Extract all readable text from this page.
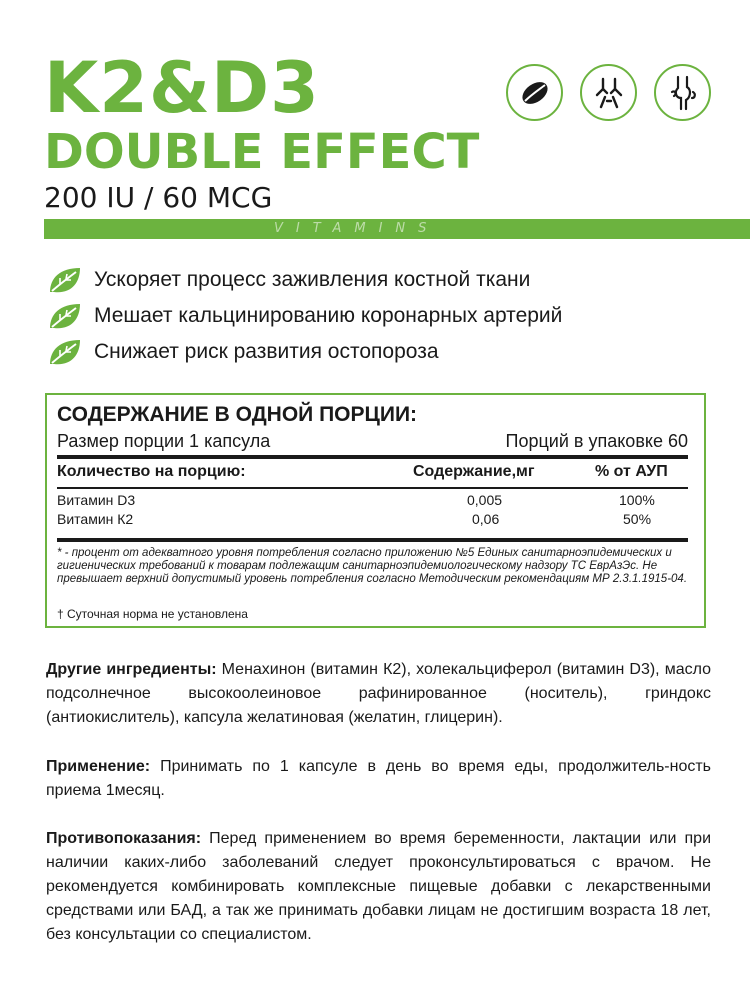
K2&D3
DOUBLE EFFECT
200 IU / 60 MCG
VITAMINS
Ускоряет процесс заживления костной ткани
Мешает кальцинированию коронарных артерий
Снижает риск развития остопороза
СОДЕРЖАНИЕ В ОДНОЙ ПОРЦИИ:
Размер порции 1 капсула	Порций в упаковке 60
Количество на порцию:	Содержание,мг	% от АУП
Витамин D3	0,005	100%
Витамин К2	0,06	50%
* - процент от адекватного уровня потребления согласно приложению №5 Единых санитарноэпидемических и гигиенических требований к товарам подлежащим санитарноэпидемиологическому надзору ТС ЕврАзЭс. Не превышает верхний допустимый уровень потребления согласно Методическим рекомендациям МР 2.3.1.1915-04.
† Суточная норма не установлена
Другие ингредиенты: Менахинон (витамин К2), холекальциферол (витамин D3), масло подсолнечное высокоолеиновое рафинированное (носитель), гриндокс (антиокислитель), капсула желатиновая (желатин, глицерин).
Применение: Принимать по 1 капсуле в день во время еды, продолжитель-ность приема 1месяц.
Противопоказания: Перед применением во время беременности, лактации или при наличии каких-либо заболеваний следует проконсультироваться с врачом. Не рекомендуется комбинировать комплексные пищевые добавки с лекарственными средствами или БАД, а так же принимать добавки лицам не достигшим возраста 18 лет, без консультации со специалистом.
